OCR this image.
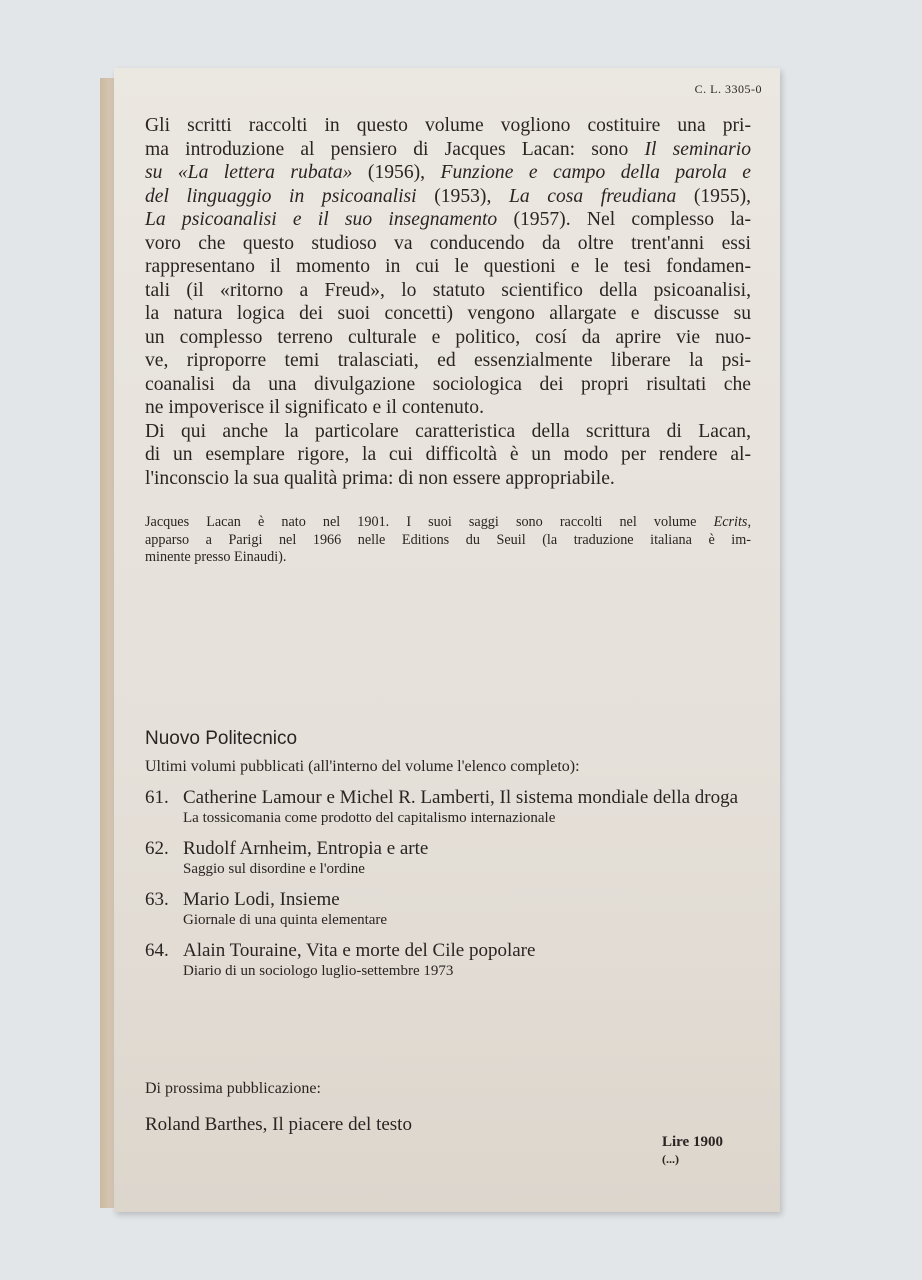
C. L. 3305-0
Gli scritti raccolti in questo volume vogliono costituire una pri-
ma introduzione al pensiero di Jacques Lacan: sono Il seminario
su «La lettera rubata» (1956), Funzione e campo della parola e
del linguaggio in psicoanalisi (1953), La cosa freudiana (1955),
La psicoanalisi e il suo insegnamento (1957). Nel complesso la-
voro che questo studioso va conducendo da oltre trent'anni essi
rappresentano il momento in cui le questioni e le tesi fondamen-
tali (il «ritorno a Freud», lo statuto scientifico della psicoanalisi,
la natura logica dei suoi concetti) vengono allargate e discusse su
un complesso terreno culturale e politico, cosí da aprire vie nuo-
ve, riproporre temi tralasciati, ed essenzialmente liberare la psi-
coanalisi da una divulgazione sociologica dei propri risultati che
ne impoverisce il significato e il contenuto.
Di qui anche la particolare caratteristica della scrittura di Lacan,
di un esemplare rigore, la cui difficoltà è un modo per rendere al-
l'inconscio la sua qualità prima: di non essere appropriabile.
Jacques Lacan è nato nel 1901. I suoi saggi sono raccolti nel volume Ecrits,
apparso a Parigi nel 1966 nelle Editions du Seuil (la traduzione italiana è im-
minente presso Einaudi).
Nuovo Politecnico
Ultimi volumi pubblicati (all'interno del volume l'elenco completo):
61. Catherine Lamour e Michel R. Lamberti, Il sistema mondiale della droga
La tossicomania come prodotto del capitalismo internazionale
62. Rudolf Arnheim, Entropia e arte
Saggio sul disordine e l'ordine
63. Mario Lodi, Insieme
Giornale di una quinta elementare
64. Alain Touraine, Vita e morte del Cile popolare
Diario di un sociologo luglio-settembre 1973
Di prossima pubblicazione:
Roland Barthes, Il piacere del testo
Lire 1900
(...)
